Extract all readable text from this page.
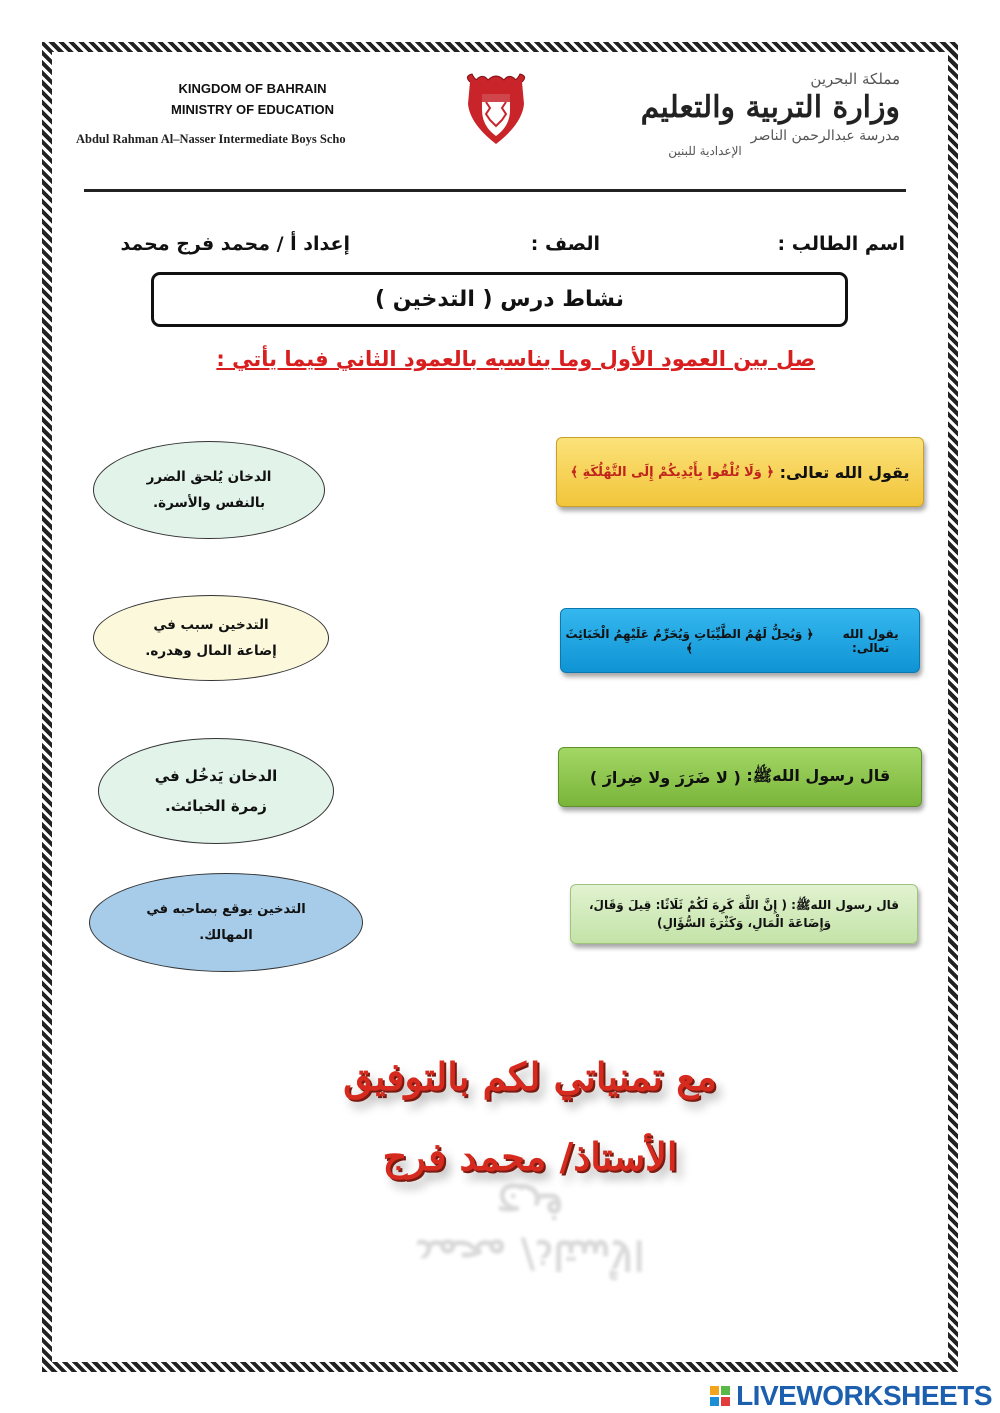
KINGDOM OF BAHRAIN
MINISTRY OF EDUCATION
Abdul Rahman Al–Nasser Intermediate Boys Scho
مملكة البحرين
وزارة التربية والتعليم
مدرسة عبدالرحمن الناصر
الإعدادية للبنين
اسم الطالب :
الصف :
إعداد أ / محمد فرج محمد
نشاط درس ( التدخين )
صل بين العمود الأول وما يناسبه بالعمود الثاني فيما يأتي :
يقول الله تعالى:

﴿ وَلَا تُلْقُوا بِأَيْدِيكُمْ إِلَى التَّهْلُكَةِ ﴾
يقول الله تعالى:

﴿ وَيُحِلُّ لَهُمُ الطَّيِّبَاتِ وَيُحَرِّمُ عَلَيْهِمُ الْخَبَائِثَ ﴾
قال رسول اللهﷺ:

( لا ضَرَرَ ولا ضِرارَ )
قال رسول اللهﷺ: ( إِنَّ اللَّهَ كَرِهَ لَكُمْ ثَلَاثًا: قِيلَ وَقَالَ، وَإِضَاعَةَ الْمَالِ، وَكَثْرَةَ السُّؤَالِ)
الدخان يُلحق الضرر بالنفس والأسرة.
التدخين سبب في إضاعة المال وهدره.
الدخان يَدخُل في زمرة الخبائث.
التدخين يوقع بصاحبه في المهالك.
مع تمنياتي لكم بالتوفيق
الأستاذ/ محمد فرج
الأستاذ/ محمد فرج
LIVEWORKSHEETS
